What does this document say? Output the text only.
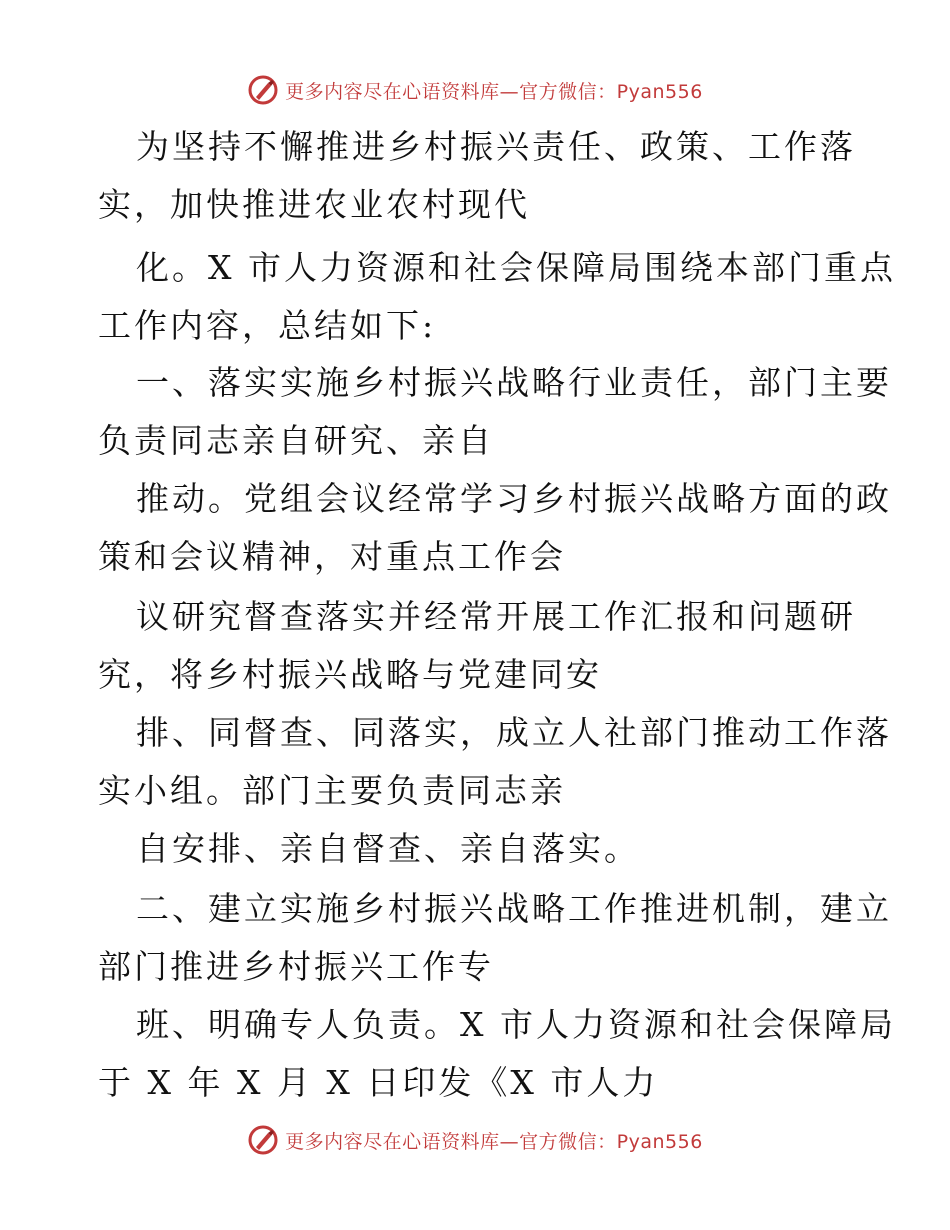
更多内容尽在心语资料库—官方微信：Pyan556
为坚持不懈推进乡村振兴责任、政策、工作落
实，加快推进农业农村现代
化。X 市人力资源和社会保障局围绕本部门重点
工作内容，总结如下:
一、落实实施乡村振兴战略行业责任，部门主要
负责同志亲自研究、亲自
推动。党组会议经常学习乡村振兴战略方面的政
策和会议精神，对重点工作会
议研究督查落实并经常开展工作汇报和问题研
究，将乡村振兴战略与党建同安
排、同督查、同落实，成立人社部门推动工作落
实小组。部门主要负责同志亲
自安排、亲自督查、亲自落实。
二、建立实施乡村振兴战略工作推进机制，建立
部门推进乡村振兴工作专
班、明确专人负责。X 市人力资源和社会保障局
于 X 年 X 月 X 日印发《X 市人力
更多内容尽在心语资料库—官方微信：Pyan556
